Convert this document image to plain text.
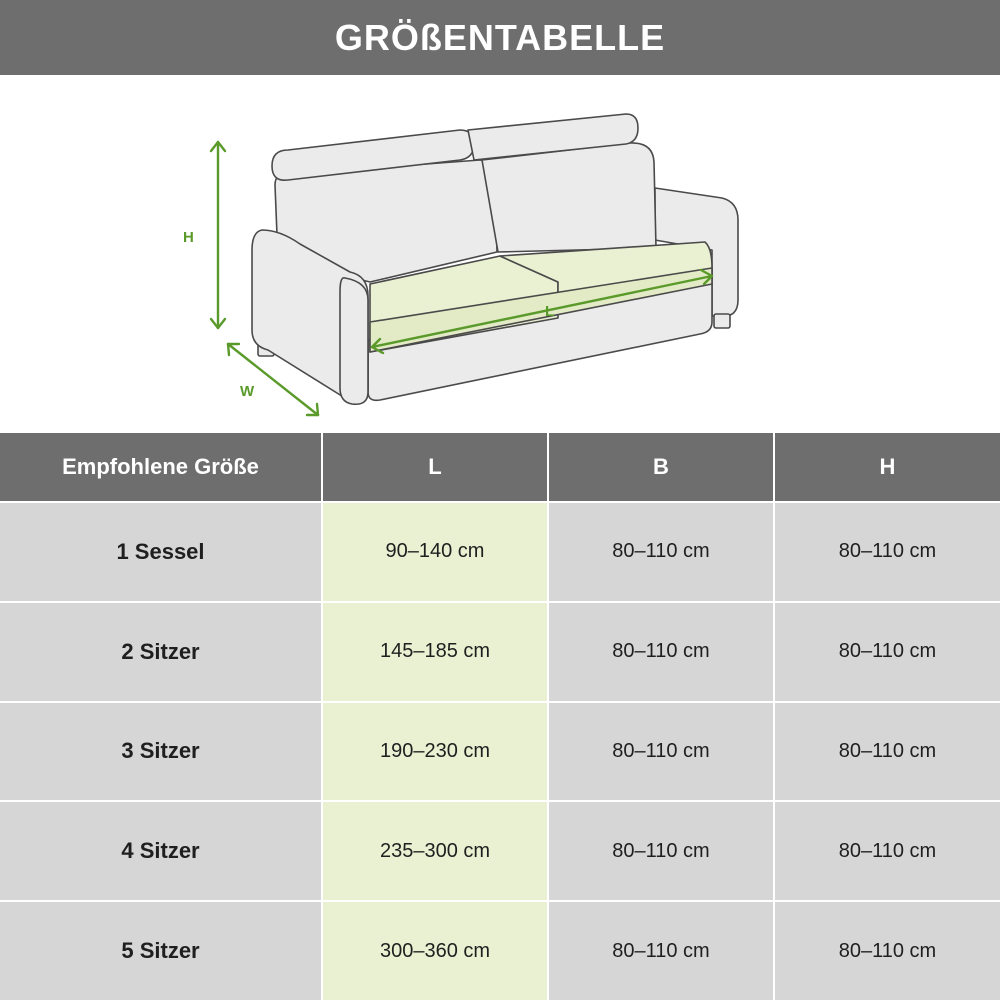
GRÖßENTABELLE
H
W
L
Empfohlene Größe	L	B	H
1 Sessel	90–140 cm	80–110 cm	80–110 cm
2 Sitzer	145–185 cm	80–110 cm	80–110 cm
3 Sitzer	190–230 cm	80–110 cm	80–110 cm
4 Sitzer	235–300 cm	80–110 cm	80–110 cm
5 Sitzer	300–360 cm	80–110 cm	80–110 cm
